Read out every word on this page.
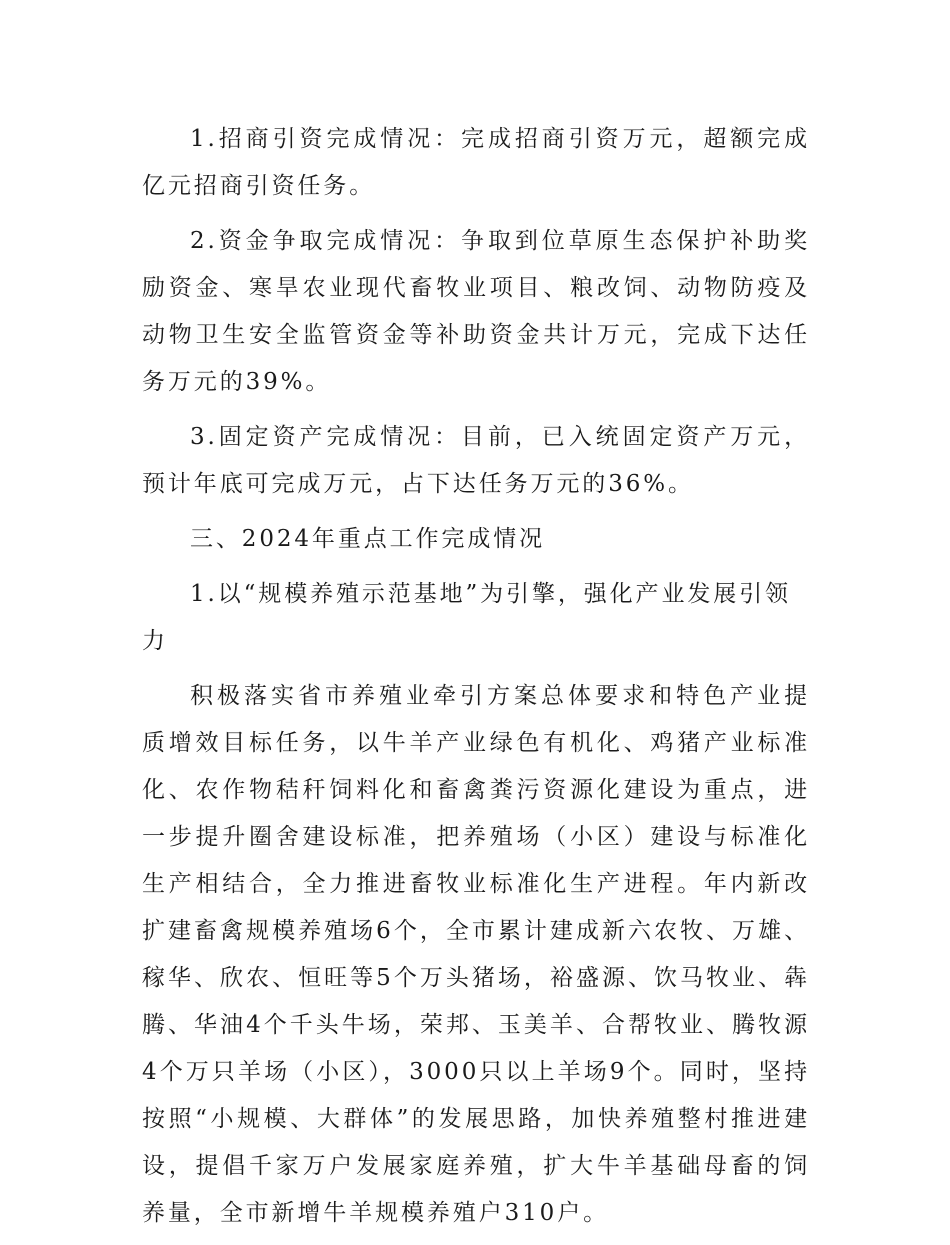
1.招商引资完成情况：完成招商引资万元，超额完成亿元招商引资任务。

2.资金争取完成情况：争取到位草原生态保护补助奖励资金、寒旱农业现代畜牧业项目、粮改饲、动物防疫及动物卫生安全监管资金等补助资金共计万元，完成下达任务万元的39%。

3.固定资产完成情况：目前，已入统固定资产万元，预计年底可完成万元，占下达任务万元的36%。

三、2024年重点工作完成情况

1.以“规模养殖示范基地”为引擎，强化产业发展引领力

积极落实省市养殖业牵引方案总体要求和特色产业提质增效目标任务，以牛羊产业绿色有机化、鸡猪产业标准化、农作物秸秆饲料化和畜禽粪污资源化建设为重点，进一步提升圈舍建设标准，把养殖场（小区）建设与标准化生产相结合，全力推进畜牧业标准化生产进程。年内新改扩建畜禽规模养殖场6个，全市累计建成新六农牧、万雄、稼华、欣农、恒旺等5个万头猪场，裕盛源、饮马牧业、犇腾、华油4个千头牛场，荣邦、玉美羊、合帮牧业、腾牧源4个万只羊场（小区），3000只以上羊场9个。同时，坚持按照“小规模、大群体”的发展思路，加快养殖整村推进建设，提倡千家万户发展家庭养殖，扩大牛羊基础母畜的饲养量，全市新增牛羊规模养殖户310户。
